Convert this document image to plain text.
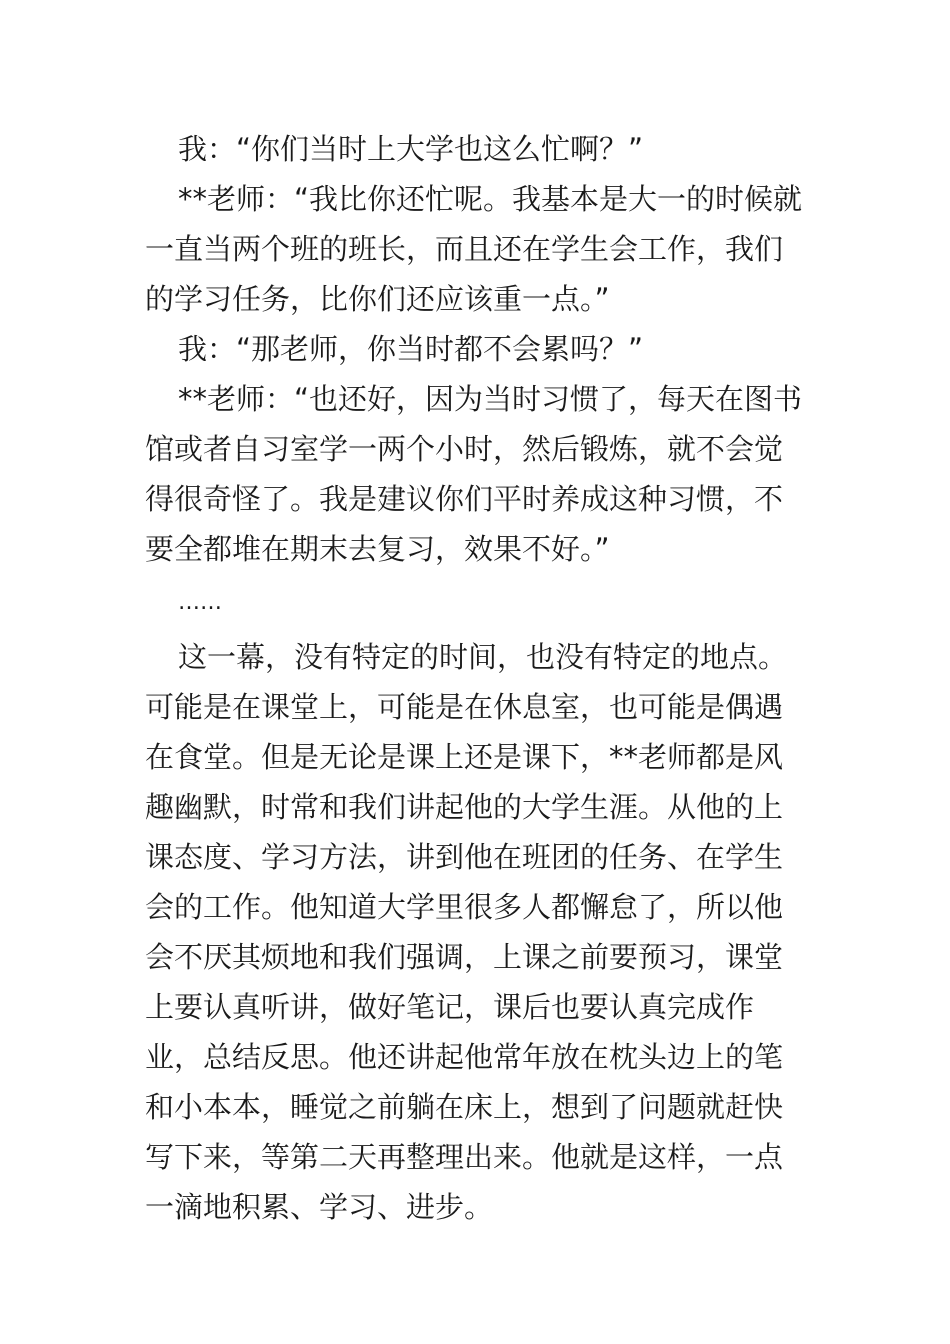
我：“你们当时上大学也这么忙啊？”

**老师：“我比你还忙呢。我基本是大一的时候就一直当两个班的班长，而且还在学生会工作，我们的学习任务，比你们还应该重一点。”

我：“那老师，你当时都不会累吗？”

**老师：“也还好，因为当时习惯了，每天在图书馆或者自习室学一两个小时，然后锻炼，就不会觉得很奇怪了。我是建议你们平时养成这种习惯，不要全都堆在期末去复习，效果不好。”

……

这一幕，没有特定的时间，也没有特定的地点。可能是在课堂上，可能是在休息室，也可能是偶遇在食堂。但是无论是课上还是课下，**老师都是风趣幽默，时常和我们讲起他的大学生涯。从他的上课态度、学习方法，讲到他在班团的任务、在学生会的工作。他知道大学里很多人都懈怠了，所以他会不厌其烦地和我们强调，上课之前要预习，课堂上要认真听讲，做好笔记，课后也要认真完成作业，总结反思。他还讲起他常年放在枕头边上的笔和小本本，睡觉之前躺在床上，想到了问题就赶快写下来，等第二天再整理出来。他就是这样，一点一滴地积累、学习、进步。
